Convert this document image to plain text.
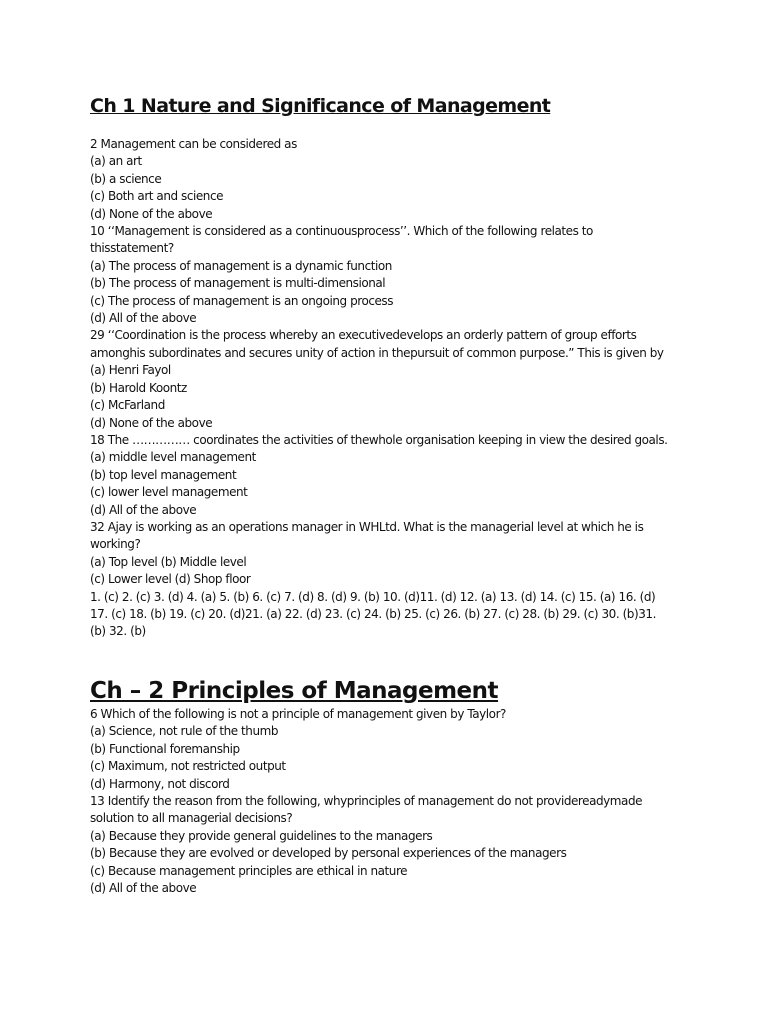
Ch 1 Nature and Significance of Management
2 Management can be considered as
(a) an art
(b) a science
(c) Both art and science
(d) None of the above
10 ‘‘Management is considered as a continuousprocess’’. Which of the following relates to thisstatement?
(a) The process of management is a dynamic function
(b) The process of management is multi-dimensional
(c) The process of management is an ongoing process
(d) All of the above
29 ‘‘Coordination is the process whereby an executivedevelops an orderly pattern of group efforts amonghis subordinates and secures unity of action in thepursuit of common purpose.” This is given by
(a) Henri Fayol
(b) Harold Koontz
(c) McFarland
(d) None of the above
18 The …………… coordinates the activities of thewhole organisation keeping in view the desired goals.
(a) middle level management
(b) top level management
(c) lower level management
(d) All of the above
32 Ajay is working as an operations manager in WHLtd. What is the managerial level at which he is working?
(a) Top level (b) Middle level
(c) Lower level (d) Shop floor
1. (c) 2. (c) 3. (d) 4. (a) 5. (b) 6. (c) 7. (d) 8. (d) 9. (b) 10. (d)11. (d) 12. (a) 13. (d) 14. (c) 15. (a) 16. (d) 17. (c) 18. (b) 19. (c) 20. (d)21. (a) 22. (d) 23. (c) 24. (b) 25. (c) 26. (b) 27. (c) 28. (b) 29. (c) 30. (b)31. (b) 32. (b)
Ch – 2 Principles of Management
6 Which of the following is not a principle of management given by Taylor?
(a) Science, not rule of the thumb
(b) Functional foremanship
(c) Maximum, not restricted output
(d) Harmony, not discord
13 Identify the reason from the following, whyprinciples of management do not providereadymade solution to all managerial decisions?
(a) Because they provide general guidelines to the managers
(b) Because they are evolved or developed by personal experiences of the managers
(c) Because management principles are ethical in nature
(d) All of the above
